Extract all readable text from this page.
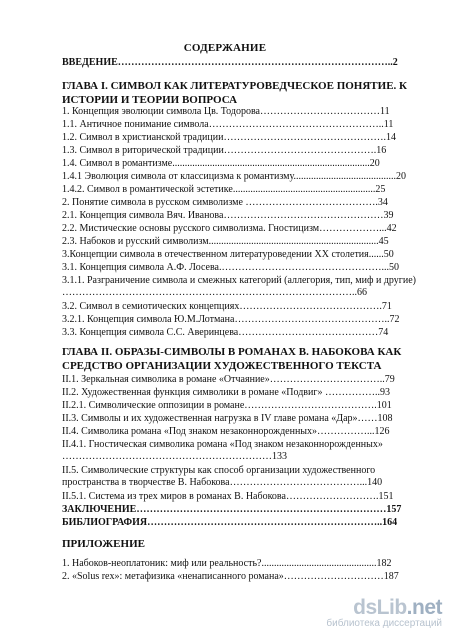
СОДЕРЖАНИЕ
ВВЕДЕНИЕ………………………………………………………………………..2
ГЛАВА I. СИМВОЛ КАК ЛИТЕРАТУРОВЕДЧЕСКОЕ ПОНЯТИЕ. К ИСТОРИИ И ТЕОРИИ ВОПРОСА
1. Концепция эволюции символа Цв. Тодорова………………………………11
1.1. Античное понимание символа……………………………………………..11
1.2. Символ в христианской традиции………………………………………….14
1.3. Символ в риторической традиции……………………………………….16
1.4. Символ в романтизме...............................................................................20
1.4.1 Эволюция символа от классицизма к романтизму.........................................20
1.4.2. Символ в романтической эстетике.........................................................25
2. Понятие символа в русском символизме ………………………………….34
2.1. Концепция символа Вяч. Иванова…………………………………………39
2.2. Мистические основы русского символизма. Гностицизм………………...42
2.3. Набоков и русский символизм....................................................................45
3.Концепции символа в отечественном литературоведении ХХ столетия......50
3.1. Концепция символа А.Ф. Лосева.…………………………………………...50
3.1.1. Разграничение символа и смежных категорий (аллегория, тип, миф и другие) ……………………………………………………………………………..66
3.2. Символ в семиотических концепциях…………………………………….71
3.2.1. Концепция символа Ю.М.Лотмана………………………………………..72
3.3. Концепция символа С.С. Аверинцева……………………………………74
ГЛАВА II. ОБРАЗЫ-СИМВОЛЫ В РОМАНАХ В. НАБОКОВА КАК СРЕДСТВО ОРГАНИЗАЦИИ ХУДОЖЕСТВЕННОГО ТЕКСТА
II.1. Зеркальная символика в романе «Отчаяние»……………………………..79
II.2. Художественная функция символики в романе «Подвиг» ……………..93
II.2.1. Символические оппозиции в романе………………………………….101
II.3. Символы и их художественная нагрузка в IV главе романа «Дар»……108
II.4. Символика романа «Под знаком незаконнорожденных»……………...126
II.4.1. Гностическая символика романа «Под знаком незаконнорожденных» ………………………………………………………133
II.5. Символические структуры как способ организации художественного пространства в творчестве В. Набокова…………………………………...140
II.5.1. Система из трех миров в романах В. Набокова……………………….151
ЗАКЛЮЧЕНИЕ…………………………………………………………………157
БИБЛИОГРАФИЯ……………………………………………………………..164
ПРИЛОЖЕНИЕ
1. Набоков-неоплатоник: миф или реальность?..............................................182
2. «Solus rex»: метафизика «ненаписанного романа»…………………………187
dsLib.net
библиотека диссертаций
